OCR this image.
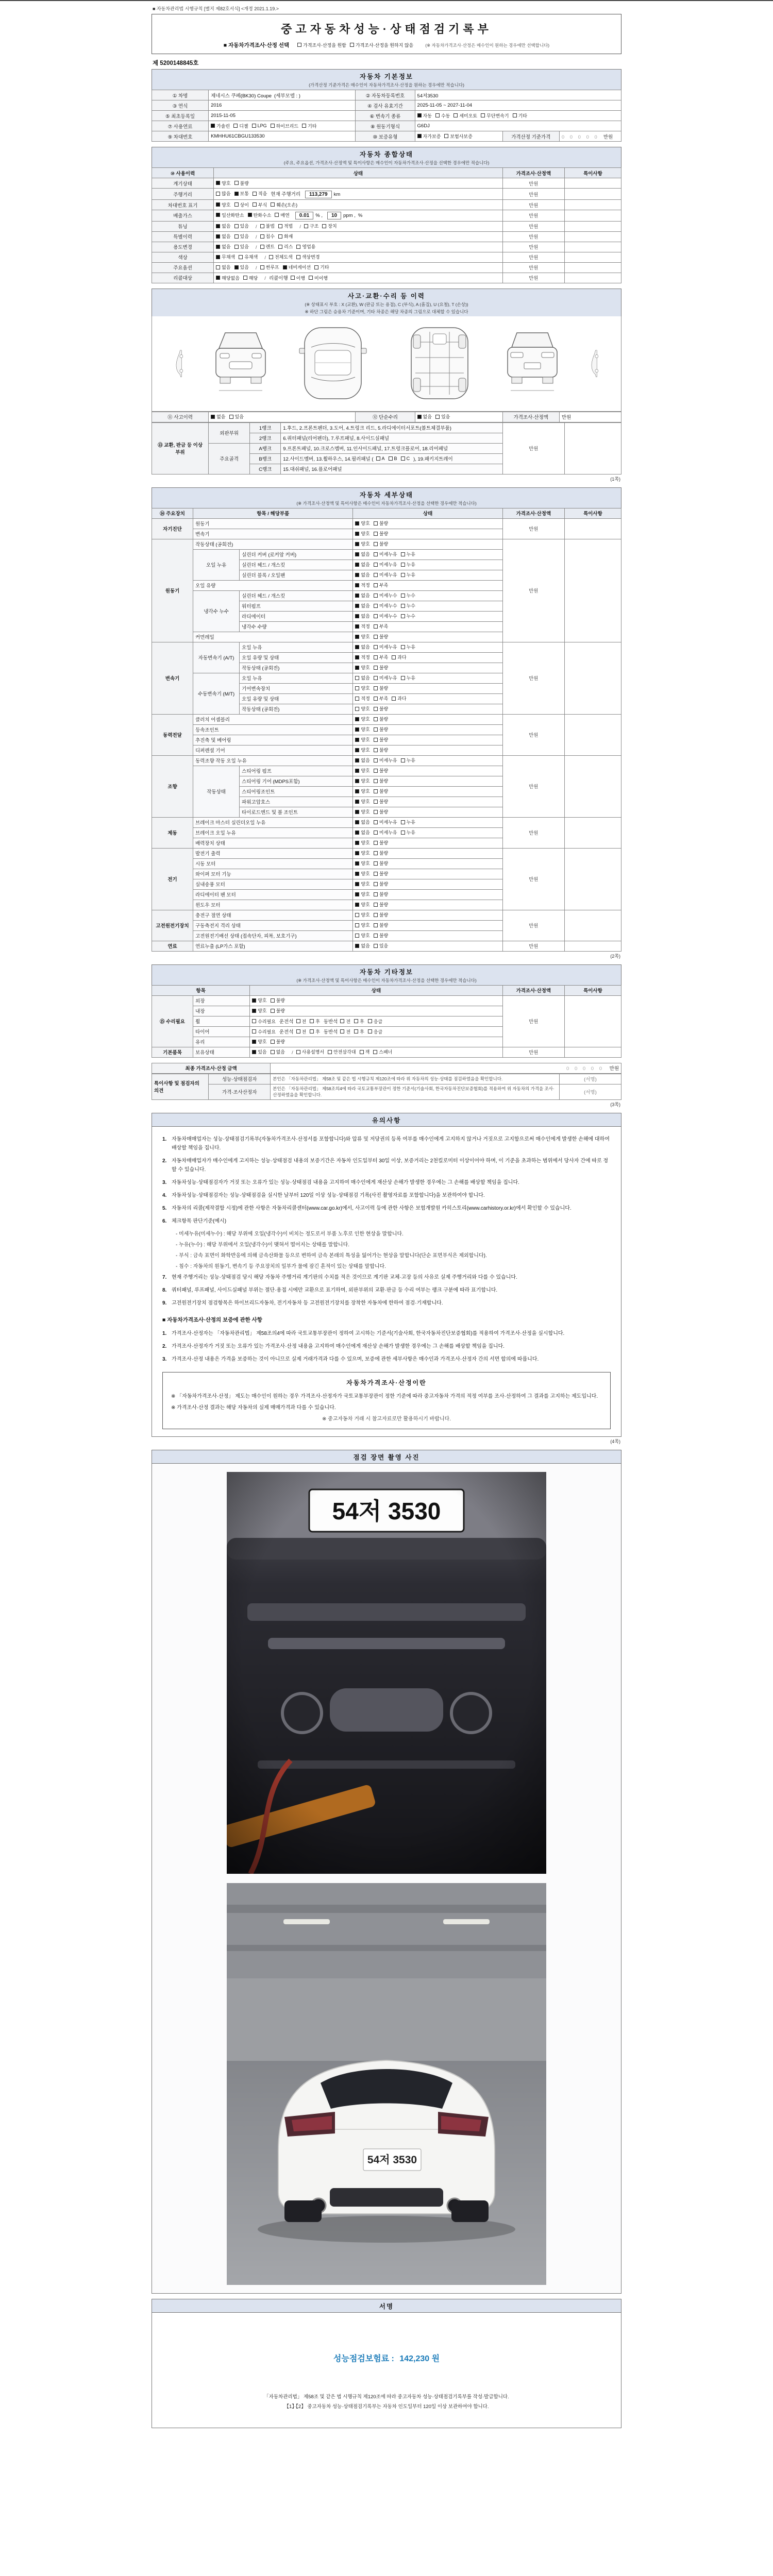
■ 자동차관리법 시행규칙 [별지 제82호서식] <개정 2021.1.19.>
중고자동차성능·상태점검기록부
■ 자동차가격조사·산정 선택	가격조사·산정을 원함 가격조사·산정을 원하지 않음	(※ 자동차가격조사·산정은 매수인이 원하는 경우에만 선택합니다)
제 5200148845호
자동차 기본정보
(가격산정 기준가격은 매수인이 자동차가격조사·산정을 원하는 경우에만 적습니다)
① 차명	제네시스 쿠페(BK30) Coupe (세부모델 : )	② 자동차등록번호	54저3530		
③ 연식	2016	④ 검사 유효기간	2025-11-05 ~ 2027-11-04		
⑤ 최초등록일	2015-11-05	⑥ 변속기 종류	자동 수동 세미오토 무단변속기 기타		

⑦ 사용연료	가솔린 디젤 LPG 하이브리드 기타	⑧ 원동기형식	G6DJ		
⑨ 차대번호	KMHHU61CBGU133530	⑩ 보증유형	자가보증 보험사보증	가격산정 기준가격	0 0 0 0 0 만원
자동차 종합상태
(주요, 주요옵션, 가격조사·산정액 및 특이사항은 매수인이 자동차가격조사·산정을 선택한 경우에만 적습니다)
⑩ 사용이력	상태	가격조사·산정액	특이사항
계기상태	양호 불량	만원	
주행거리	많음 보통 적음 현재 주행거리 113,279 km	만원	
차대번호 표기	양호 상이 부식 훼손(오손)	만원	
배출가스	일산화탄소 탄화수소 매연 0.01 % , 10 ppm , %	만원	
튜닝	없음 있음 / 불법 적법 / 구조 장치	만원	
특별이력	없음 있음 / 침수 화재	만원	
용도변경	없음 있음 / 렌트 리스 영업용	만원	
색상	무채색 유채색 / 전체도색 색상변경	만원	
주요옵션	없음 있음 / 썬루프 네비게이션 기타	만원	
리콜대상	해당없음 해당 / 리콜이행 이행 미이행	만원	
사고·교환·수리 등 이력
(※ 상태표시 부호 : X (교환), W (판금 또는 용접), C (부식), A (흠집), U (요철), T (손상))
※ 하단 그림은 승용차 기준이며, 기타 차종은 해당 차종의 그림으로 대체할 수 있습니다
⑪ 사고이력	없음 있음	⑫ 단순수리	없음 있음	가격조사·산정액	만원
⑬ 교환, 판금 등 이상 부위	외판부위	1랭크	1.후드, 2.프론트펜더, 3.도어, 4.트렁크 리드, 5.라디에이터서포트(볼트체결부품)	만원	
		2랭크	6.쿼터패널(리어펜더), 7.루프패널, 8.사이드실패널		
	주요골격	A랭크	9.프론트패널, 10.크로스멤버, 11.인사이드패널, 17.트렁크플로어, 18.리어패널		
		B랭크	12.사이드멤버, 13.휠하우스, 14.필러패널 ( A B C ), 19.패키지트레이		
		C랭크	15.대쉬패널, 16.플로어패널		
(1쪽)
자동차 세부상태
(※ 가격조사·산정액 및 특이사항은 매수인이 자동차가격조사·산정을 선택한 경우에만 적습니다)
⑭ 주요장치	항목 / 해당부품		상태	가격조사·산정액	특이사항
자기진단	원동기		양호 불량	만원	
	변속기		양호 불량		

원동기	작동상태 (공회전)		양호 불량	만원	
	오일 누유	실린더 커버 (로커암 커버)	없음 미세누유 누유		

		실린더 헤드 / 개스킷	없음 미세누유 누유		

		실린더 블록 / 오일팬	없음 미세누유 누유		

	오일 유량		적정 부족		

	냉각수 누수	실린더 헤드 / 개스킷	없음 미세누수 누수		

		워터펌프	없음 미세누수 누수		

		라디에이터	없음 미세누수 누수		

		냉각수 수량	적정 부족		

	커먼레일		양호 불량		

변속기	자동변속기 (A/T)	오일 누유	없음 미세누유 누유	만원	
		오일 유량 및 상태	적정 부족 과다		

		작동상태 (공회전)	양호 불량		

	수동변속기 (M/T)	오일 누유	없음 미세누유 누유		

		기어변속장치	양호 불량		

		오일 유량 및 상태	적정 부족 과다		

		작동상태 (공회전)	양호 불량		

동력전달	클러치 어셈블리		양호 불량	만원	
	등속조인트		양호 불량		

	추진축 및 베어링		양호 불량		

	디퍼렌셜 기어		양호 불량		

조향	동력조향 작동 오일 누유		없음 미세누유 누유	만원	
	작동상태	스티어링 펌프	양호 불량		

		스티어링 기어 (MDPS포함)	양호 불량		

		스티어링조인트	양호 불량		

		파워고압호스	양호 불량		

		타이로드엔드 및 볼 조인트	양호 불량		

제동	브레이크 마스터 실린더오일 누유		없음 미세누유 누유	만원	
	브레이크 오일 누유		없음 미세누유 누유		

	배력장치 상태		양호 불량		

전기	발전기 출력		양호 불량	만원	
	시동 모터		양호 불량		

	와이퍼 모터 기능		양호 불량		

	실내송풍 모터		양호 불량		

	라디에이터 팬 모터		양호 불량		

	윈도우 모터		양호 불량		

고전원전기장치	충전구 절연 상태		양호 불량	만원	
	구동축전지 격리 상태		양호 불량		

	고전원전기배선 상태 (접속단자, 피복, 보호기구)		양호 불량		

연료	연료누출 (LP가스 포함)		없음 있음	만원	
(2쪽)
자동차 기타정보
(※ 가격조사·산정액 및 특이사항은 매수인이 자동차가격조사·산정을 선택한 경우에만 적습니다)
항목		상태	가격조사·산정액	특이사항
⑮ 수리필요	외장	양호 불량	만원	
	내장	양호 불량		

휠	수리필요 운전석 전 후 동반석 전 후 응급

타이어	수리필요 운전석 전 후 동반석 전 후 응급

	유리	양호 불량		

기본품목	보유상태	있음 없음 / 사용설명서 안전삼각대 잭 스패너	만원	
최종 가격조사·산정 금액	0 0 0 0 0 만원
특이사항 및 점검자의 의견	성능·상태점검자	본인은 「자동차관리법」 제58조 및 같은 법 시행규칙 제120조에 따라 위 자동차의 성능·상태를 점검하였음을 확인합니다.	(서명)
	가격·조사산정자	본인은 「자동차관리법」 제58조의4에 따라 국토교통부장관이 정한 기준서(기술사회, 한국자동차진단보증협회)를 적용하여 위 자동차의 가격을 조사·산정하였음을 확인합니다.	(서명)
(3쪽)
유의사항
1. 자동차매매업자는 성능·상태점검기록부(자동차가격조사·산정서를 포함합니다)와 압류 및 저당권의 등록 여부를 매수인에게 고지하지 않거나 거짓으로 고지함으로써 매수인에게 발생한 손해에 대하여 배상할 책임을 집니다.
2. 자동차매매업자가 매수인에게 고지하는 성능·상태점검 내용의 보증기간은 자동차 인도일부터 30일 이상, 보증거리는 2천킬로미터 이상이어야 하며, 이 기준을 초과하는 범위에서 당사자 간에 따로 정할 수 있습니다.
3. 자동차성능·상태점검자가 거짓 또는 오류가 있는 성능·상태점검 내용을 고지하여 매수인에게 재산상 손해가 발생한 경우에는 그 손해를 배상할 책임을 집니다.
4. 자동차성능·상태점검자는 성능·상태점검을 실시한 날부터 120일 이상 성능·상태점검 기록(사진 촬영자료를 포함합니다)을 보관하여야 합니다.
5. 자동차의 리콜(제작결함 시정)에 관한 사항은 자동차리콜센터(www.car.go.kr)에서, 사고이력 등에 관한 사항은 보험개발원 카히스토리(www.carhistory.or.kr)에서 확인할 수 있습니다.
6. 체크항목 판단기준(예시)
- 미세누유(미세누수) : 해당 부위에 오일(냉각수)이 비치는 정도로서 부품 노후로 인한 현상을 말합니다.
- 누유(누수) : 해당 부위에서 오일(냉각수)이 맺혀서 떨어지는 상태를 말합니다.
- 부식 : 금속 표면이 화학반응에 의해 금속산화물 등으로 변하여 금속 본래의 특성을 잃어가는 현상을 말합니다(단순 표면부식은 제외합니다).
- 침수 : 자동차의 원동기, 변속기 등 주요장치의 일부가 물에 잠긴 흔적이 있는 상태를 말합니다.
7. 현재 주행거리는 성능·상태점검 당시 해당 자동차 주행거리 계기판의 수치를 적은 것이므로 계기판 교체·고장 등의 사유로 실제 주행거리와 다를 수 있습니다.
8. 쿼터패널, 루프패널, 사이드실패널 부위는 절단·용접 시에만 교환으로 표기하며, 외판부위의 교환·판금 등 수리 여부는 랭크 구분에 따라 표기합니다.
9. 고전원전기장치 점검항목은 하이브리드자동차, 전기자동차 등 고전원전기장치를 장착한 자동차에 한하여 점검·기재합니다.
■ 자동차가격조사·산정의 보증에 관한 사항
1. 가격조사·산정자는 「자동차관리법」 제58조의4에 따라 국토교통부장관이 정하여 고시하는 기준서(기술사회, 한국자동차진단보증협회)를 적용하여 가격조사·산정을 실시합니다.
2. 가격조사·산정자가 거짓 또는 오류가 있는 가격조사·산정 내용을 고지하여 매수인에게 재산상 손해가 발생한 경우에는 그 손해를 배상할 책임을 집니다.
3. 가격조사·산정 내용은 가격을 보증하는 것이 아니므로 실제 거래가격과 다를 수 있으며, 보증에 관한 세부사항은 매수인과 가격조사·산정자 간의 서면 합의에 따릅니다.
자동차가격조사·산정이란
※ 「자동차가격조사·산정」 제도는 매수인이 원하는 경우 가격조사·산정자가 국토교통부장관이 정한 기준에 따라 중고자동차 가격의 적정 여부를 조사·산정하여 그 결과를 고지하는 제도입니다.
※ 가격조사·산정 결과는 해당 자동차의 실제 매매가격과 다를 수 있습니다.
※ 중고자동차 거래 시 참고자료로만 활용하시기 바랍니다.
(4쪽)
점검 장면 촬영 사진
54저 3530
서명
성능점검보험료 : 142,230 원
「자동차관리법」 제58조 및 같은 법 시행규칙 제120조에 따라 중고자동차 성능·상태점검기록부를 작성·발급합니다.
【1】·【2】 중고자동차 성능·상태점검기록부는 자동차 인도일부터 120일 이상 보관하여야 합니다.
